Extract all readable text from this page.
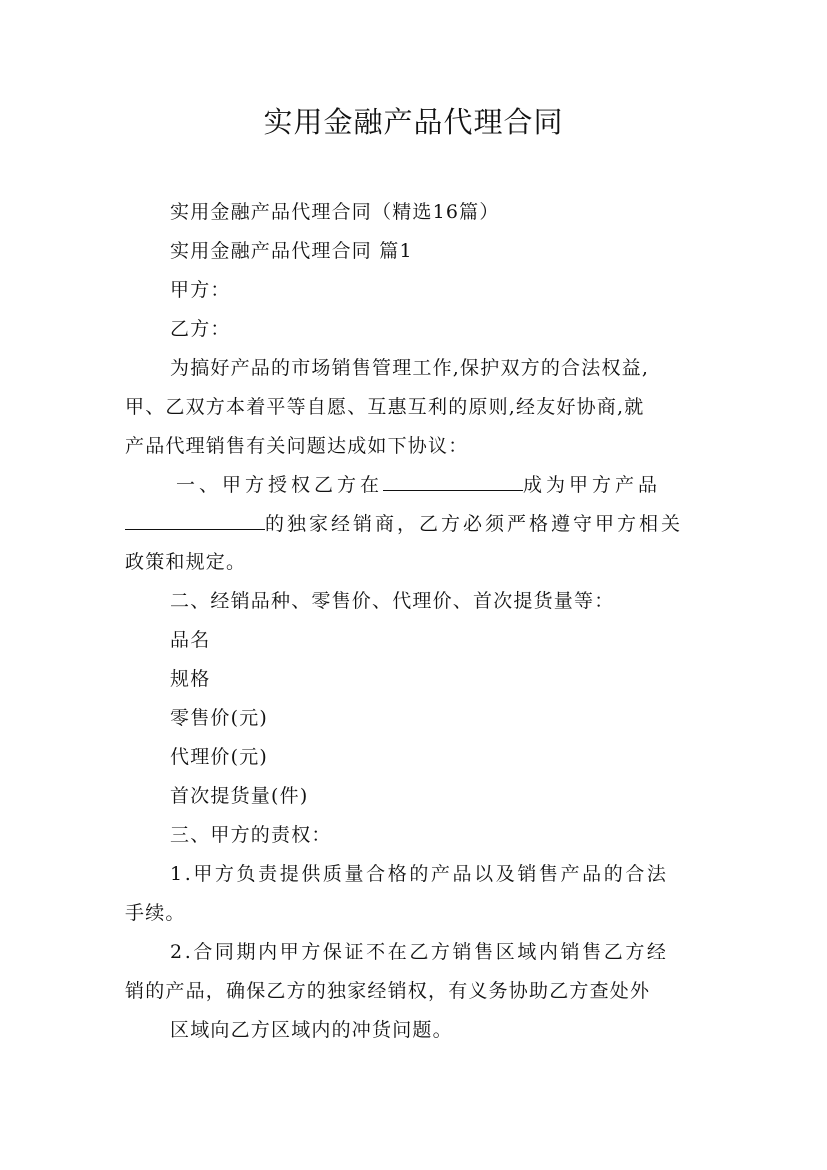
实用金融产品代理合同
实用金融产品代理合同（精选16篇）
实用金融产品代理合同 篇1
甲方：
乙方：
为搞好产品的市场销售管理工作,保护双方的合法权益,
甲、乙双方本着平等自愿、互惠互利的原则,经友好协商,就
产品代理销售有关问题达成如下协议：
一、甲方授权乙方在	成为甲方产品
的独家经销商，乙方必须严格遵守甲方相关
政策和规定。
二、经销品种、零售价、代理价、首次提货量等：
品名
规格
零售价(元)
代理价(元)
首次提货量(件)
三、甲方的责权：
1.甲方负责提供质量合格的产品以及销售产品的合法
手续。
2.合同期内甲方保证不在乙方销售区域内销售乙方经
销的产品，确保乙方的独家经销权，有义务协助乙方查处外
区域向乙方区域内的冲货问题。
